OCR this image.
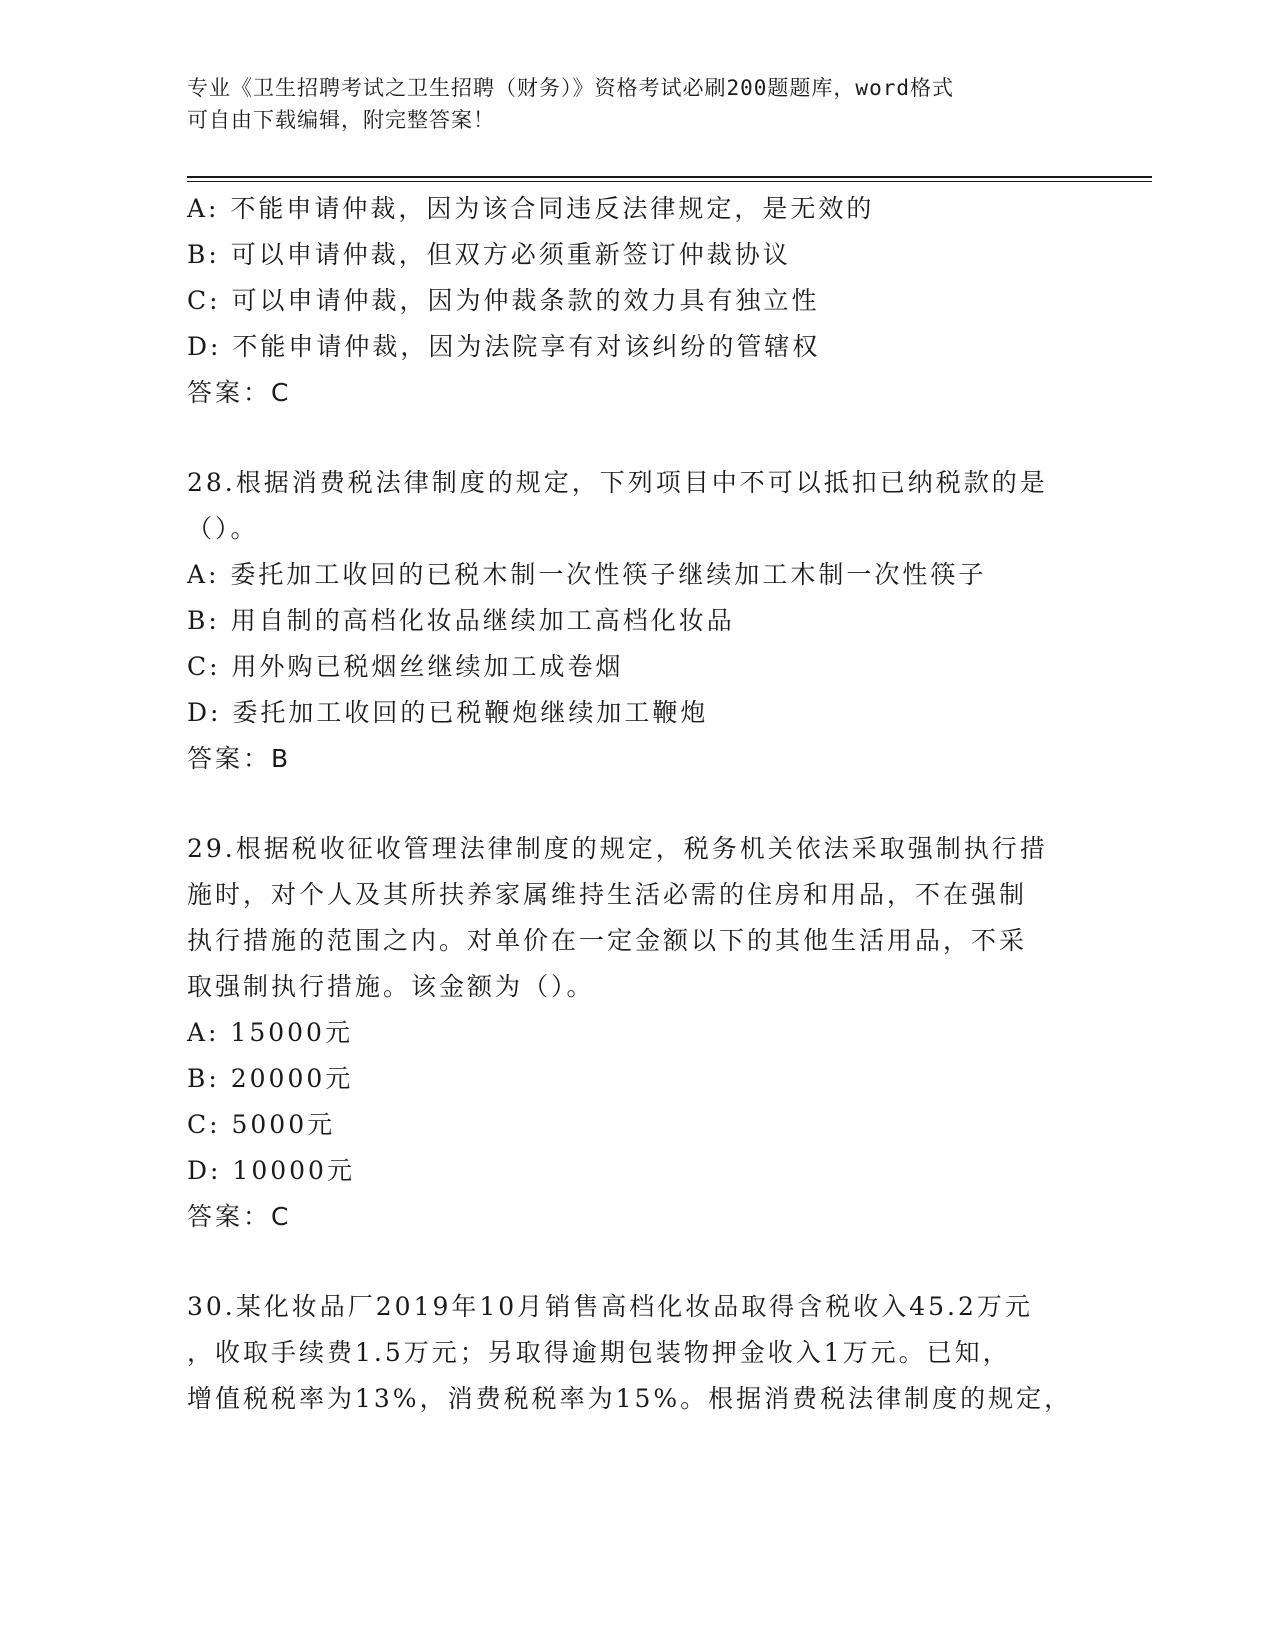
专业《卫生招聘考试之卫生招聘（财务）》资格考试必刷200题题库，word格式
可自由下载编辑，附完整答案！
A: 不能申请仲裁，因为该合同违反法律规定，是无效的
B: 可以申请仲裁，但双方必须重新签订仲裁协议
C: 可以申请仲裁，因为仲裁条款的效力具有独立性
D: 不能申请仲裁，因为法院享有对该纠纷的管辖权
答案：C
28.根据消费税法律制度的规定，下列项目中不可以抵扣已纳税款的是
（）。
A: 委托加工收回的已税木制一次性筷子继续加工木制一次性筷子
B: 用自制的高档化妆品继续加工高档化妆品
C: 用外购已税烟丝继续加工成卷烟
D: 委托加工收回的已税鞭炮继续加工鞭炮
答案：B
29.根据税收征收管理法律制度的规定，税务机关依法采取强制执行措
施时，对个人及其所扶养家属维持生活必需的住房和用品，不在强制
执行措施的范围之内。对单价在一定金额以下的其他生活用品，不采
取强制执行措施。该金额为（）。
A: 15000元
B: 20000元
C: 5000元
D: 10000元
答案：C
30.某化妆品厂2019年10月销售高档化妆品取得含税收入45.2万元
，收取手续费1.5万元；另取得逾期包装物押金收入1万元。已知，
增值税税率为13%，消费税税率为15%。根据消费税法律制度的规定，
